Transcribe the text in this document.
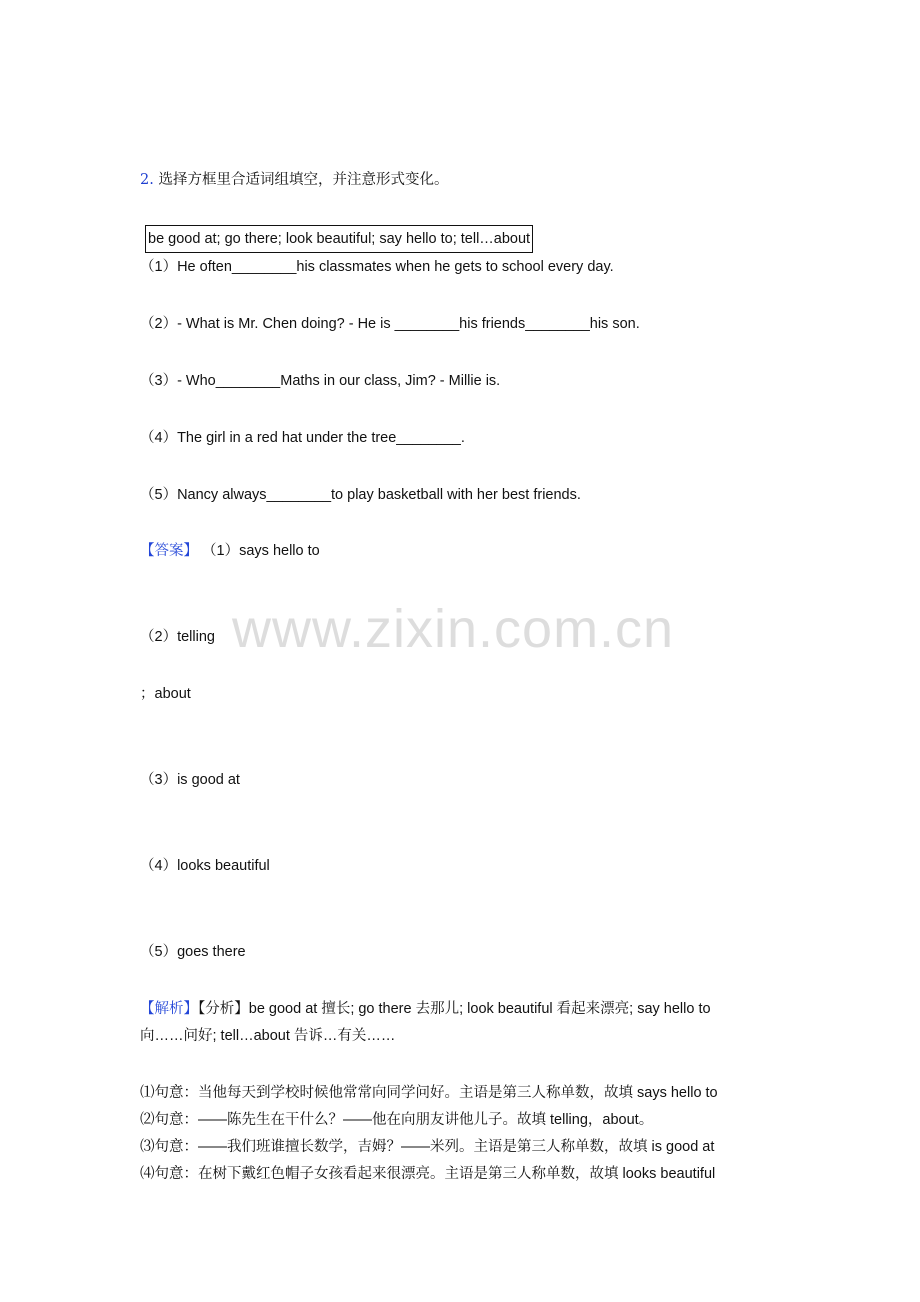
2. 选择方框里合适词组填空，并注意形式变化。
be good at; go there; look beautiful; say hello to; tell…about
（1）He often________his classmates when he gets to school every day.
（2）- What is Mr. Chen doing? - He is ________his friends________his son.
（3）- Who________Maths in our class, Jim? - Millie is.
（4）The girl in a red hat under the tree________.
（5）Nancy always________to play basketball with her best friends.
【答案】 （1）says hello to
（2）telling
；about
（3）is good at
（4）looks beautiful
（5）goes there
【解析】【分析】be good at 擅长; go there 去那儿; look beautiful 看起来漂亮; say hello to
向……问好; tell…about 告诉…有关……
⑴句意：当他每天到学校时候他常常向同学问好。主语是第三人称单数，故填 says hello to
⑵句意：——陈先生在干什么？——他在向朋友讲他儿子。故填 telling，about。
⑶句意：——我们班谁擅长数学，吉姆？——米列。主语是第三人称单数，故填 is good at
⑷句意：在树下戴红色帽子女孩看起来很漂亮。主语是第三人称单数，故填 looks beautiful
www.zixin.com.cn
